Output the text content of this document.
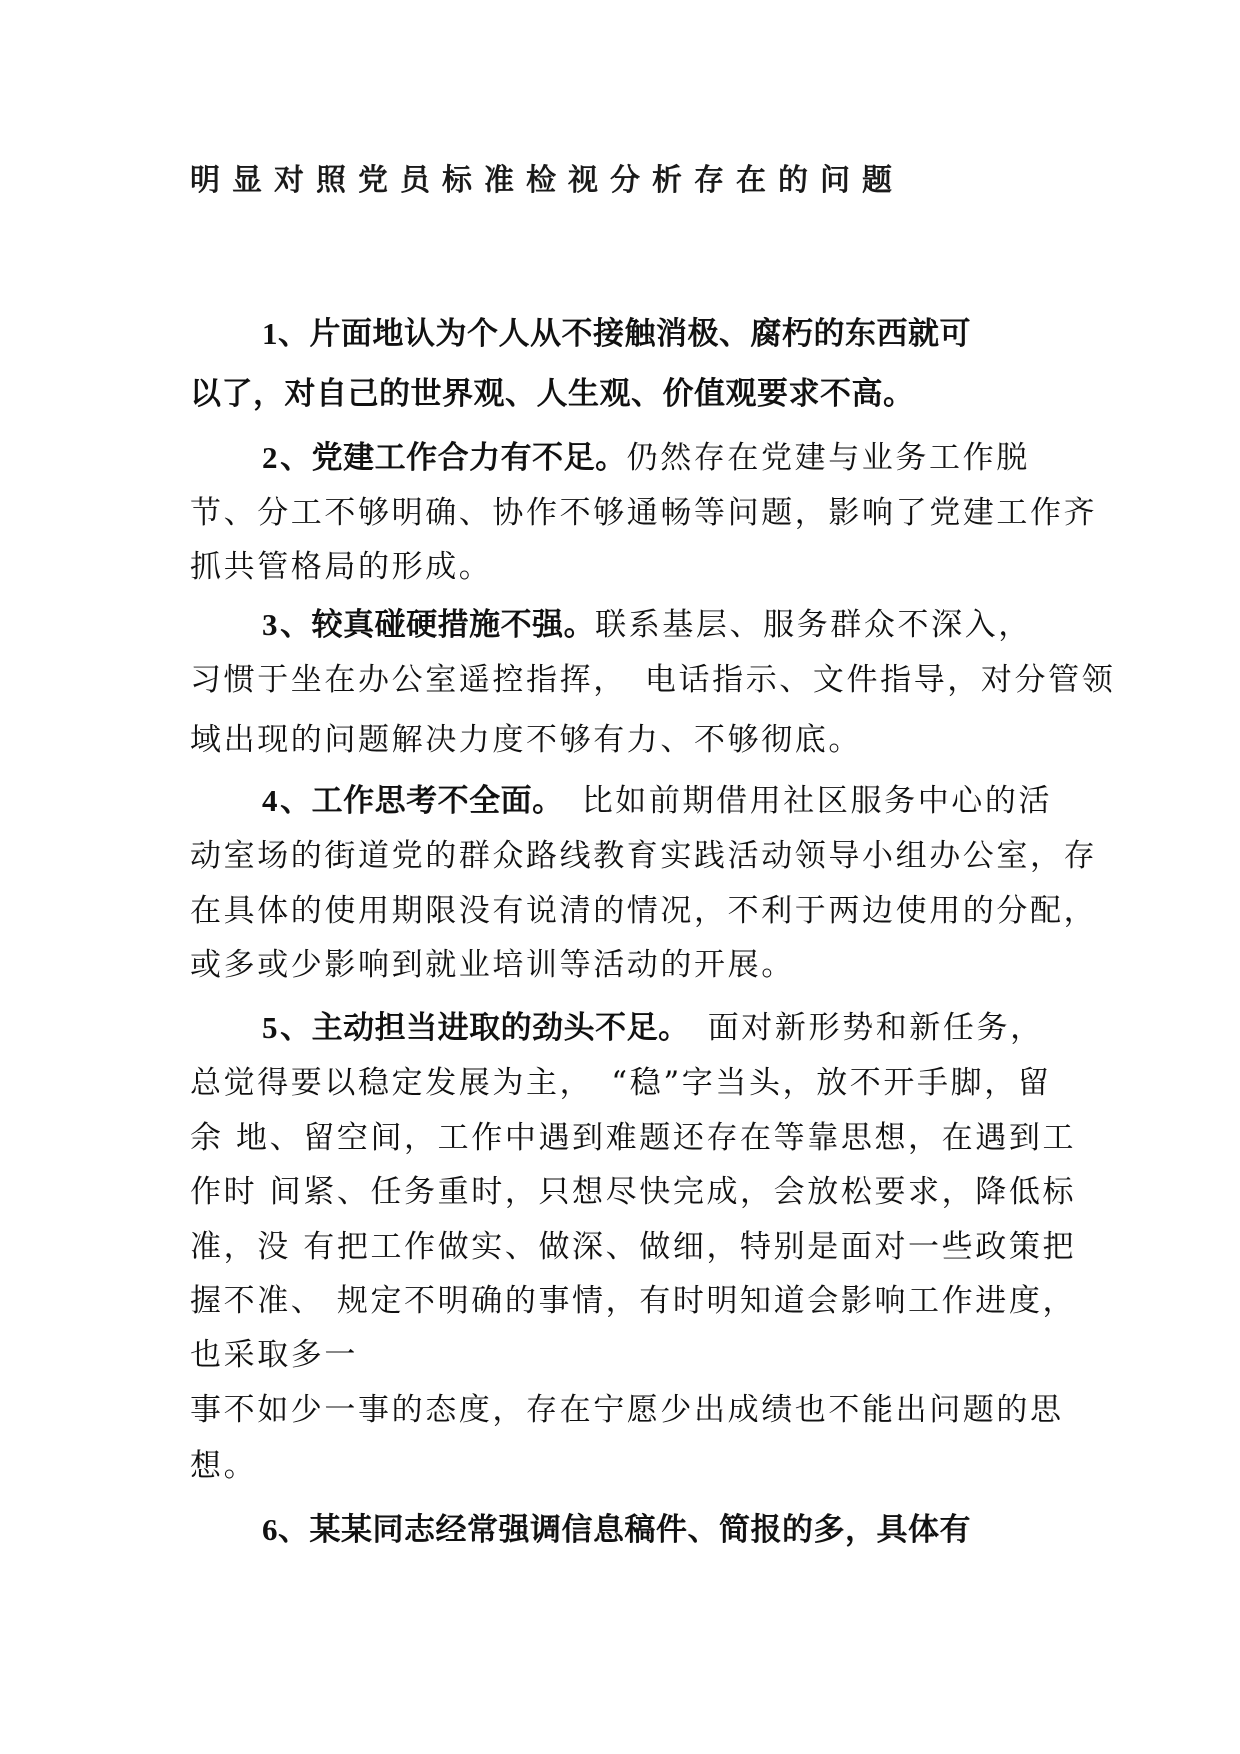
明显对照党员标准检视分析存在的问题
1、片面地认为个人从不接触消极、腐朽的东西就可
以了，对自己的世界观、人生观、价值观要求不高。
2、党建工作合力有不足。仍然存在党建与业务工作脱
节、分工不够明确、协作不够通畅等问题，影响了党建工作齐
抓共管格局的形成。
3、较真碰硬措施不强。联系基层、服务群众不深入，
习惯于坐在办公室遥控指挥，　电话指示、文件指导，对分管领
域出现的问题解决力度不够有力、不够彻底。
4、工作思考不全面。　比如前期借用社区服务中心的活
动室场的街道党的群众路线教育实践活动领导小组办公室，存
在具体的使用期限没有说清的情况，不利于两边使用的分配，
或多或少影响到就业培训等活动的开展。
5、主动担当进取的劲头不足。　面对新形势和新任务，
总觉得要以稳定发展为主，　“稳”字当头，放不开手脚，留
余 地、留空间，工作中遇到难题还存在等靠思想，在遇到工
作时 间紧、任务重时，只想尽快完成，会放松要求，降低标
准，没 有把工作做实、做深、做细，特别是面对一些政策把
握不准、 规定不明确的事情，有时明知道会影响工作进度，
也采取多一
事不如少一事的态度，存在宁愿少出成绩也不能出问题的思
想。
6、某某同志经常强调信息稿件、简报的多，具体有
